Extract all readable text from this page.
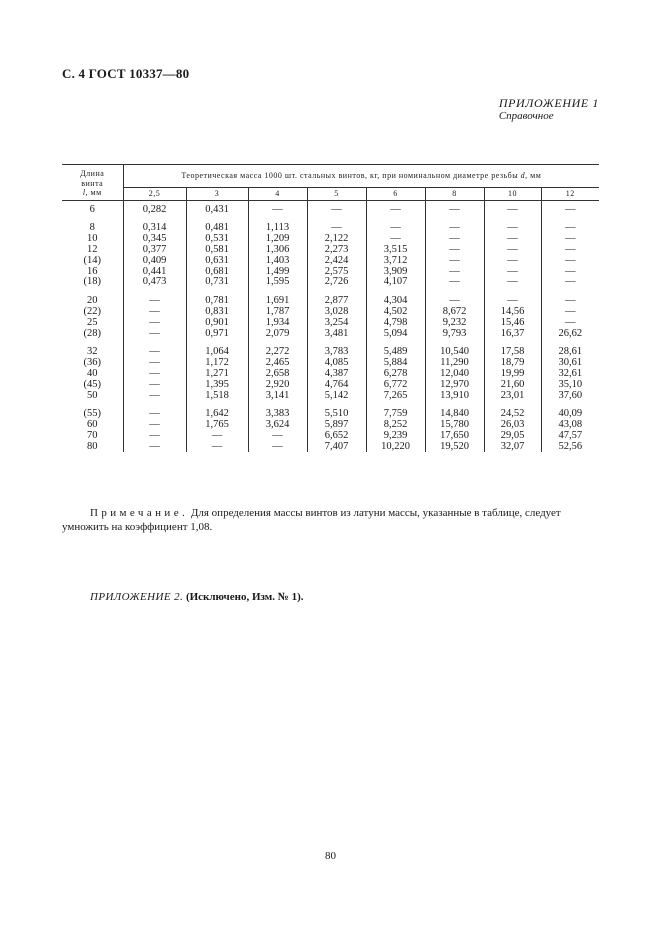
С. 4 ГОСТ 10337—80
ПРИЛОЖЕНИЕ 1
Справочное
Длина
винта
l, мм	Теоретическая масса 1000 шт. стальных винтов, кг, при номинальном диаметре резьбы d, мм							
	2,5	3	4	5	6	8	10	12

6	0,282	0,431	—	—	—	—	—	—

8	0,314	0,481	1,113	—	—	—	—	—
10	0,345	0,531	1,209	2,122	—	—	—	—
12	0,377	0,581	1,306	2,273	3,515	—	—	—
(14)	0,409	0,631	1,403	2,424	3,712	—	—	—
16	0,441	0,681	1,499	2,575	3,909	—	—	—
(18)	0,473	0,731	1,595	2,726	4,107	—	—	—

20	—	0,781	1,691	2,877	4,304	—	—	—
(22)	—	0,831	1,787	3,028	4,502	8,672	14,56	—
25	—	0,901	1,934	3,254	4,798	9,232	15,46	—
(28)	—	0,971	2,079	3,481	5,094	9,793	16,37	26,62

32	—	1,064	2,272	3,783	5,489	10,540	17,58	28,61
(36)	—	1,172	2,465	4,085	5,884	11,290	18,79	30,61
40	—	1,271	2,658	4,387	6,278	12,040	19,99	32,61
(45)	—	1,395	2,920	4,764	6,772	12,970	21,60	35,10
50	—	1,518	3,141	5,142	7,265	13,910	23,01	37,60

(55)	—	1,642	3,383	5,510	7,759	14,840	24,52	40,09
60	—	1,765	3,624	5,897	8,252	15,780	26,03	43,08
70	—	—	—	6,652	9,239	17,650	29,05	47,57
80	—	—	—	7,407	10,220	19,520	32,07	52,56
Примечание. Для определения массы винтов из латуни массы, указанные в таблице, следует
умножить на коэффициент 1,08.
ПРИЛОЖЕНИЕ 2. (Исключено, Изм. № 1).
80
